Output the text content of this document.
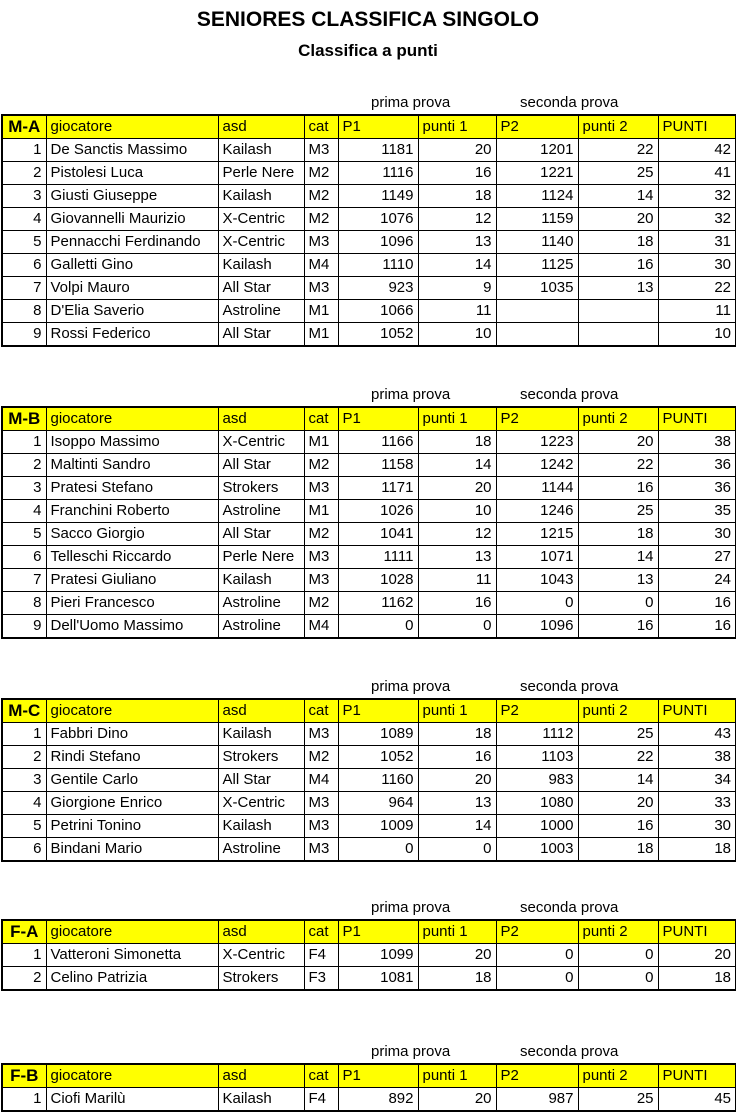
SENIORES CLASSIFICA SINGOLO
Classifica a punti
prima prova	seconda prova
M-A	giocatore	asd	cat	P1	punti 1	P2	punti 2	PUNTI
1	De Sanctis Massimo	Kailash	M3	1181	20	1201	22	42
2	Pistolesi Luca	Perle Nere	M2	1116	16	1221	25	41
3	Giusti Giuseppe	Kailash	M2	1149	18	1124	14	32
4	Giovannelli Maurizio	X-Centric	M2	1076	12	1159	20	32
5	Pennacchi Ferdinando	X-Centric	M3	1096	13	1140	18	31
6	Galletti Gino	Kailash	M4	1110	14	1125	16	30
7	Volpi Mauro	All Star	M3	923	9	1035	13	22
8	D'Elia Saverio	Astroline	M1	1066	11			11
9	Rossi Federico	All Star	M1	1052	10			10
prima prova	seconda prova
M-B	giocatore	asd	cat	P1	punti 1	P2	punti 2	PUNTI
1	Isoppo Massimo	X-Centric	M1	1166	18	1223	20	38
2	Maltinti Sandro	All Star	M2	1158	14	1242	22	36
3	Pratesi Stefano	Strokers	M3	1171	20	1144	16	36
4	Franchini Roberto	Astroline	M1	1026	10	1246	25	35
5	Sacco Giorgio	All Star	M2	1041	12	1215	18	30
6	Telleschi Riccardo	Perle Nere	M3	1111	13	1071	14	27
7	Pratesi Giuliano	Kailash	M3	1028	11	1043	13	24
8	Pieri Francesco	Astroline	M2	1162	16	0	0	16
9	Dell'Uomo Massimo	Astroline	M4	0	0	1096	16	16
prima prova	seconda prova
M-C	giocatore	asd	cat	P1	punti 1	P2	punti 2	PUNTI
1	Fabbri Dino	Kailash	M3	1089	18	1112	25	43
2	Rindi Stefano	Strokers	M2	1052	16	1103	22	38
3	Gentile Carlo	All Star	M4	1160	20	983	14	34
4	Giorgione Enrico	X-Centric	M3	964	13	1080	20	33
5	Petrini Tonino	Kailash	M3	1009	14	1000	16	30
6	Bindani Mario	Astroline	M3	0	0	1003	18	18
prima prova	seconda prova
F-A	giocatore	asd	cat	P1	punti 1	P2	punti 2	PUNTI
1	Vatteroni Simonetta	X-Centric	F4	1099	20	0	0	20
2	Celino Patrizia	Strokers	F3	1081	18	0	0	18
prima prova	seconda prova
F-B	giocatore	asd	cat	P1	punti 1	P2	punti 2	PUNTI
1	Ciofi Marilù	Kailash	F4	892	20	987	25	45
